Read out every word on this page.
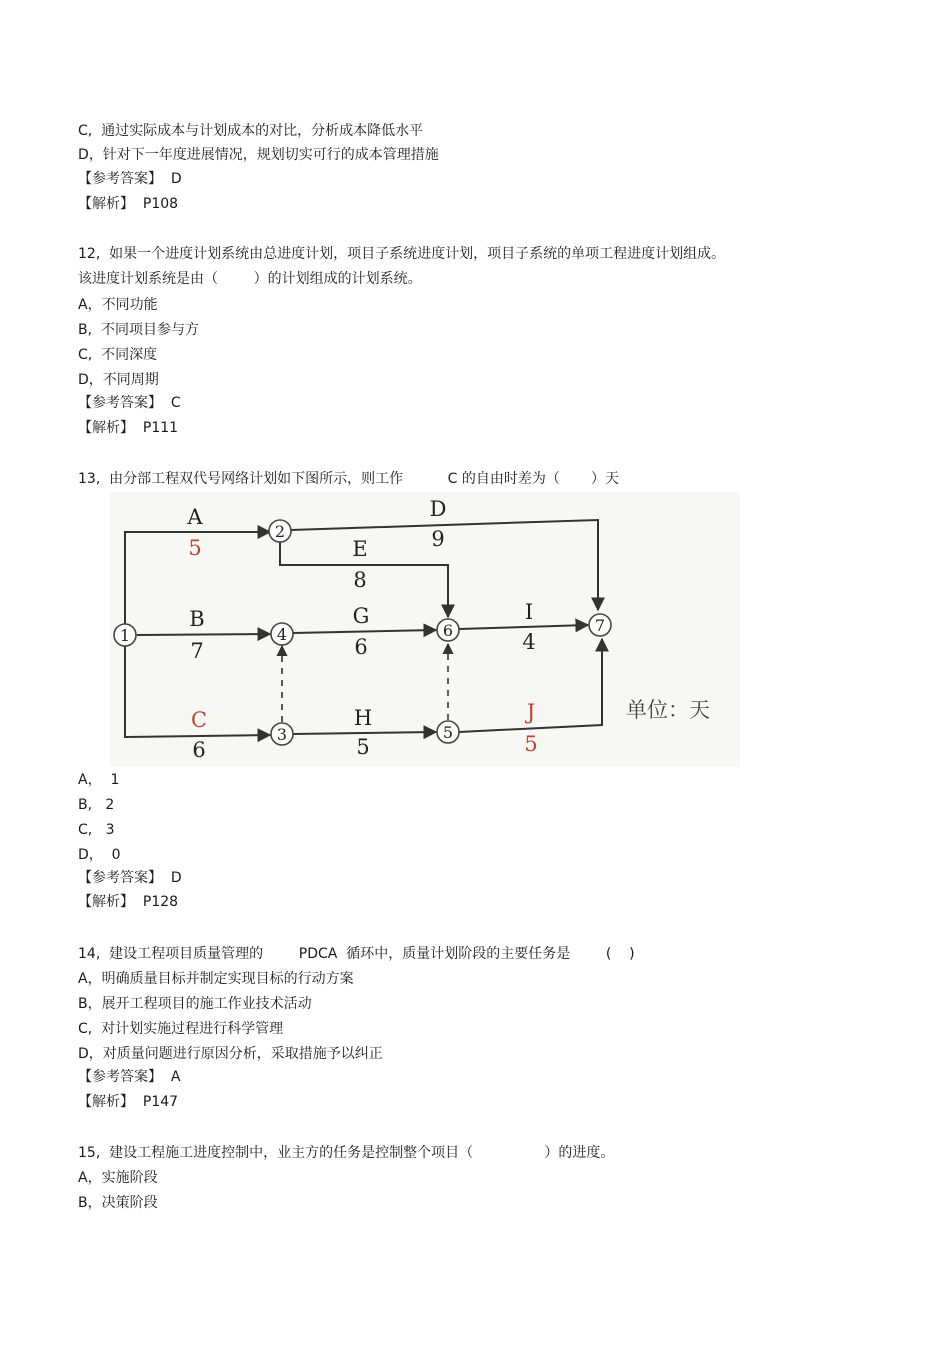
C,  通过实际成本与计划成本的对比，分析成本降低水平
D，针对下一年度进展情况，规划切实可行的成本管理措施
【参考答案】  D
【解析】  P108
12,  如果一个进度计划系统由总进度计划，项目子系统进度计划，项目子系统的单项工程进度计划组成。
该进度计划系统是由（        ）的计划组成的计划系统。
A，不同功能
B,  不同项目参与方
C,  不同深度
D，不同周期
【参考答案】  C
【解析】  P111
13,  由分部工程双代号网络计划如下图所示，则工作          C 的自由时差为（       ）天
1
2
3
4
5
6	7
A
5
D
9
E
8
B
7
G
6
I
4
C
6
H
5
J
5
单位：天
A，  1
B,   2
C,   3
D，  0
【参考答案】  D
【解析】  P128
14,  建设工程项目质量管理的        PDCA  循环中，质量计划阶段的主要任务是        (    )
A，明确质量目标并制定实现目标的行动方案
B，展开工程项目的施工作业技术活动
C,  对计划实施过程进行科学管理
D，对质量问题进行原因分析，采取措施予以纠正
【参考答案】  A
【解析】  P147
15,  建设工程施工进度控制中，业主方的任务是控制整个项目（                ）的进度。
A，实施阶段
B，决策阶段
